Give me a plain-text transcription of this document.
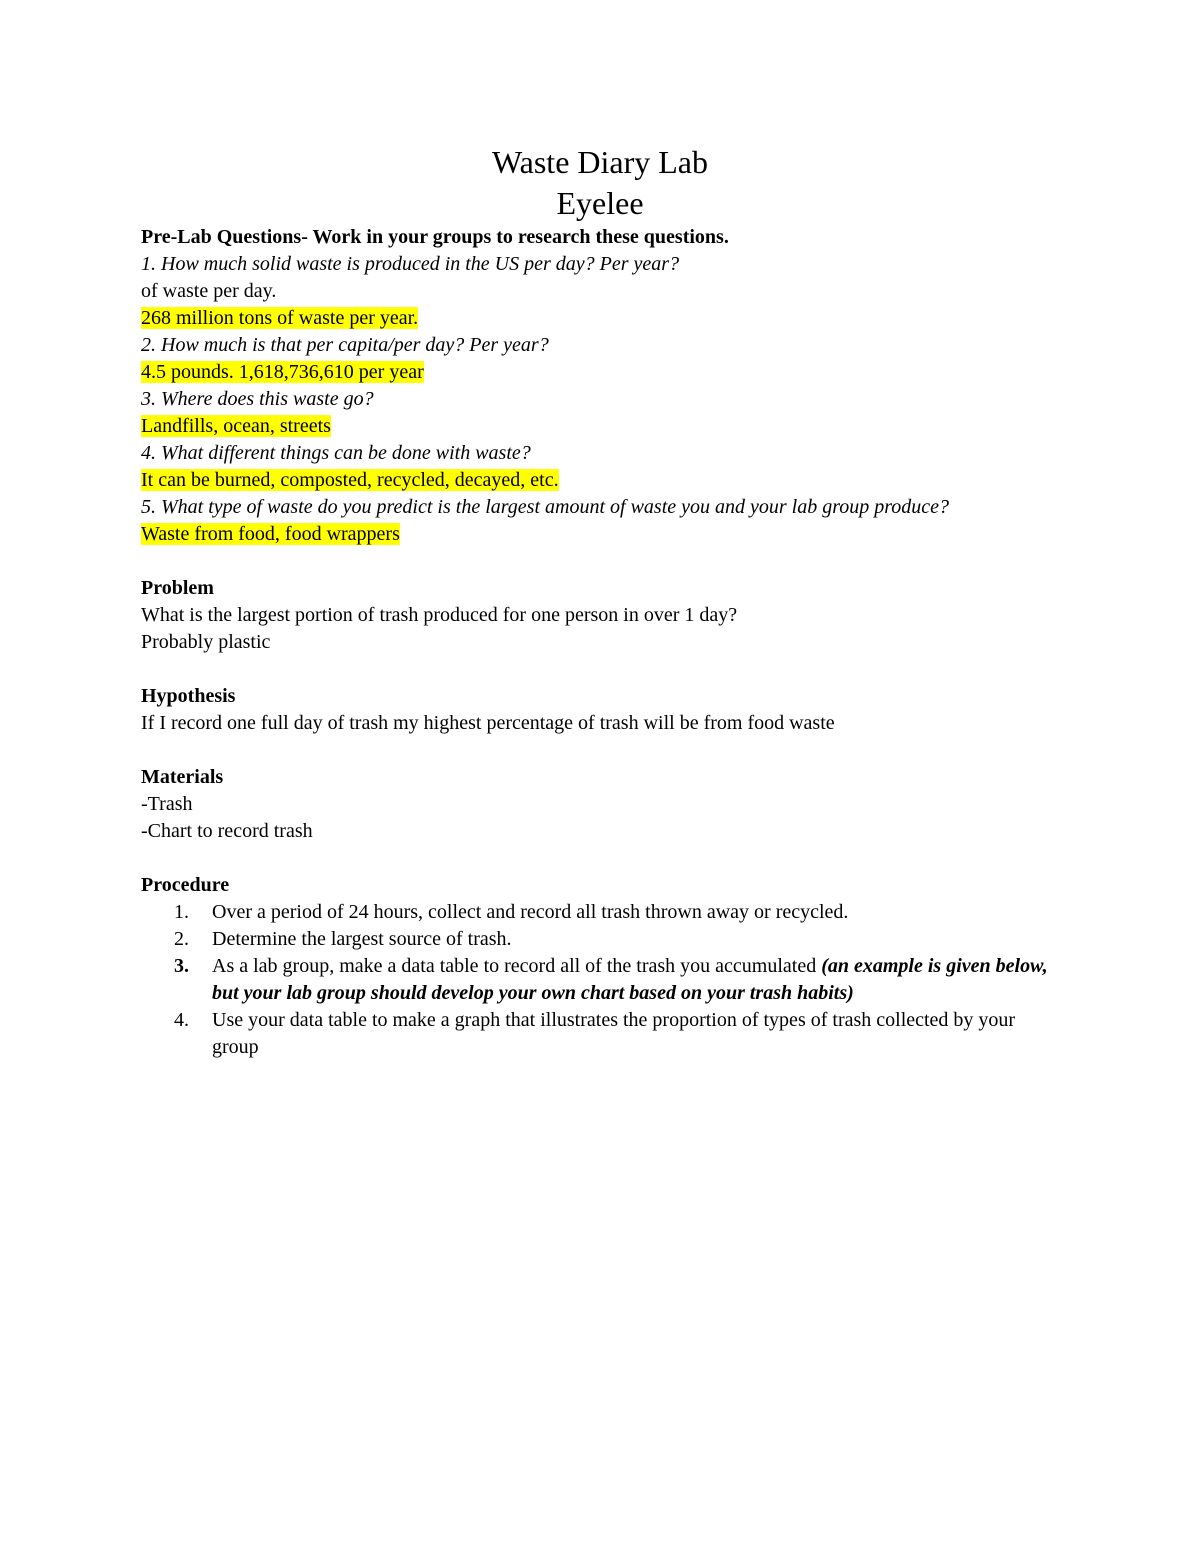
Waste Diary Lab
Eyelee
Pre-Lab Questions- Work in your groups to research these questions.
1. How much solid waste is produced in the US per day? Per year?
of waste per day.
268 million tons of waste per year.
2. How much is that per capita/per day? Per year?
4.5 pounds. 1,618,736,610 per year
3. Where does this waste go?
Landfills, ocean, streets
4. What different things can be done with waste?
It can be burned, composted, recycled, decayed, etc.
5. What type of waste do you predict is the largest amount of waste you and your lab group produce?
Waste from food, food wrappers
Problem
What is the largest portion of trash produced for one person in over 1 day?
Probably plastic
Hypothesis
If I record one full day of trash my highest percentage of trash will be from food waste
Materials
-Trash
-Chart to record trash
Procedure
1. Over a period of 24 hours, collect and record all trash thrown away or recycled.
2. Determine the largest source of trash.
3. As a lab group, make a data table to record all of the trash you accumulated (an example is given below, but your lab group should develop your own chart based on your trash habits)
4. Use your data table to make a graph that illustrates the proportion of types of trash collected by your group
